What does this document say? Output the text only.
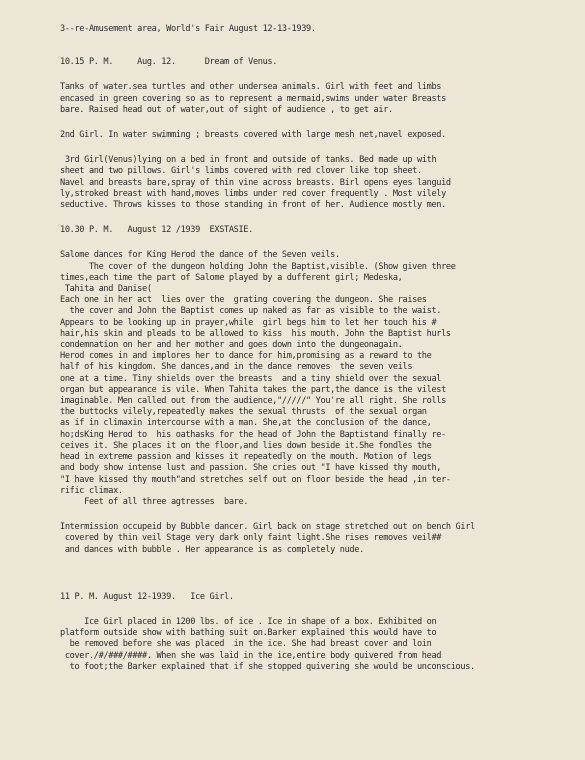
3--re-Amusement area, World's Fair August 12-13-1939.
10.15 P. M.     Aug. 12.      Dream of Venus.
Tanks of water.sea turtles and other undersea animals. Girl with feet and limbs
encased in green covering so as to represent a mermaid,swims under water Breasts
bare. Raised head out of water,out of sight of audience , to get air.
2nd Girl. In water swimming ; breasts covered with large mesh net,navel exposed.
3rd Girl(Venus)lying on a bed in front and outside of tanks. Bed made up with
sheet and two pillows. Girl's limbs covered with red clover like top sheet.
Navel and breasts bare,spray of thin vine across breasts. Birl opens eyes languid
ly,stroked breast with hand,moves limbs under red cover frequently . Most vilely
seductive. Throws kisses to those standing in front of her. Audience mostly men.
10.30 P. M.   August 12 /1939  EXSTASIE.
Salome dances for King Herod the dance of the Seven veils.
The cover of the dungeon holding John the Baptist,visible. (Show given three
times,each time the part of Salome played by a dufferent girl; Medeska,
Tahita and Danise(
Each one in her act  lies over the  grating covering the dungeon. She raises
the cover and John the Baptist comes up naked as far as visible to the waist.
Appears to be looking up in prayer,while  girl begs him to let her touch his #
hair,his skin and pleads to be allowed to kiss  his mouth. John the Baptist hurls
condemnation on her and her mother and goes down into the dungeonagain.
Herod comes in and implores her to dance for him,promising as a reward to the
half of his kingdom. She dances,and in the dance removes  the seven veils
one at a time. Tiny shields over the breasts  and a tiny shield over the sexual
organ but appearance is vile. When Tahita takes the part,the dance is the vilest
imaginable. Men called out from the audience,"/////" You're all right. She rolls
the buttocks vilely,repeatedly makes the sexual thrusts  of the sexual organ
as if in climaxin intercourse with a man. She,at the conclusion of the dance,
ho;dsKing Herod to  his oathasks for the head of John the Baptistand finally re-
ceives it. She places it on the floor,and lies down beside it.She fondles the
head in extreme passion and kisses it repeatedly on the mouth. Motion of legs
and body show intense lust and passion. She cries out "I have kissed thy mouth,
"I have kissed thy mouth"and stretches self out on floor beside the head ,in ter-
rific climax.
Feet of all three agtresses  bare.
Intermission occupeid by Bubble dancer. Girl back on stage stretched out on bench Girl
covered by thin veil Stage very dark only faint light.She rises removes veil##
and dances with bubble . Her appearance is as completely nude.
11 P. M. August 12-1939.   Ice Girl.
Ice Girl placed in 1200 lbs. of ice . Ice in shape of a box. Exhibited on
platform outside show with bathing suit on.Barker explained this would have to
be removed before she was placed  in the ice. She had breast cover and loin
cover./#/###/####. When she was laid in the ice,entire body quivered from head
to foot;the Barker explained that if she stopped quivering she would be unconscious.
